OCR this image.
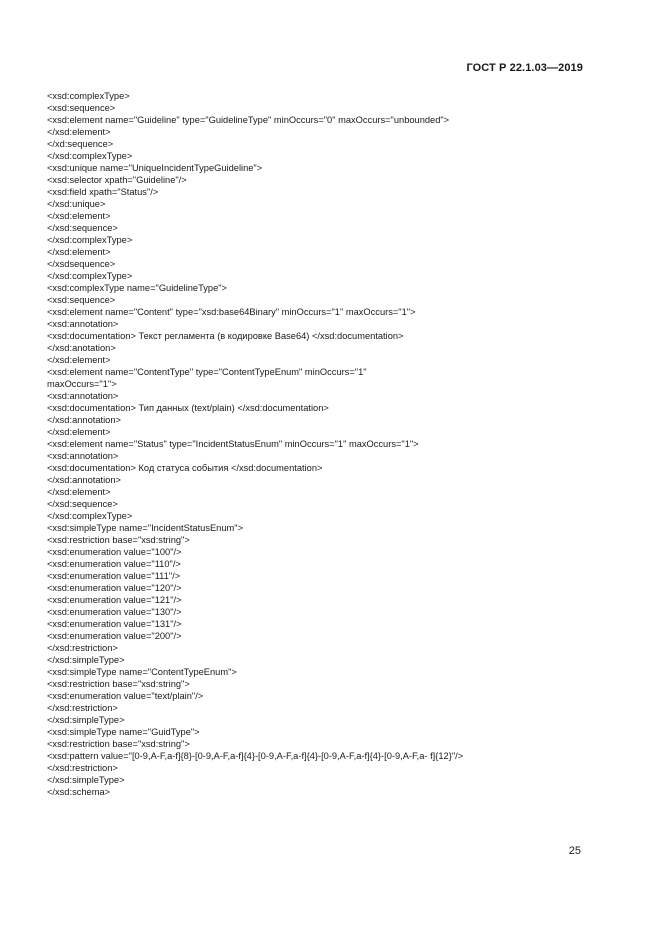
ГОСТ Р 22.1.03—2019
<xsd:complexType>
<xsd:sequence>
<xsd:element name="Guideline" type="GuidelineType" minOccurs="0" maxOccurs="unbounded">
</xsd:element>
</xd:sequence>
</xsd:complexType>
<xsd:unique name="UniqueIncidentTypeGuideline">
<xsd:selector xpath="Guideline"/>
<xsd:field xpath="Status"/>
</xsd:unique>
</xsd:element>
</xsd:sequence>
</xsd:complexType>
</xsd:element>
</xsdsequence>
</xsd:complexType>
<xsd:complexType name="GuidelineType">
<xsd:sequence>
<xsd:element name="Content" type="xsd:base64Binary" minOccurs="1" maxOccurs="1">
<xsd:annotation>
<xsd:documentation> Текст регламента (в кодировке Base64) </xsd:documentation>
</xsd:anotation>
</xsd:element>
<xsd:element name="ContentType" type="ContentTypeEnum" minOccurs="1"
maxOccurs="1">
<xsd:annotation>
<xsd:documentation> Тип данных (text/plain) </xsd:documentation>
</xsd:annotation>
</xsd:element>
<xsd:element name="Status" type="IncidentStatusEnum" minOccurs="1" maxOccurs="1">
<xsd:annotation>
<xsd:documentation> Код статуса события </xsd:documentation>
</xsd:annotation>
</xsd:element>
</xsd:sequence>
</xsd:complexType>
<xsd:simpleType name="IncidentStatusEnum">
<xsd:restriction base="xsd:string">
<xsd:enumeration value="100"/>
<xsd:enumeration value="110"/>
<xsd:enumeration value="111"/>
<xsd:enumeration value="120"/>
<xsd:enumeration value="121"/>
<xsd:enumeration value="130"/>
<xsd:enumeration value="131"/>
<xsd:enumeration value="200"/>
</xsd:restriction>
</xsd:simpleType>
<xsd:simpleType name="ContentTypeEnum">
<xsd:restriction base="xsd:string">
<xsd:enumeration value="text/plain"/>
</xsd:restriction>
</xsd:simpleType>
<xsd:simpleType name="GuidType">
<xsd:restriction base="xsd:string">
<xsd:pattern value="[0-9,A-F,a-f]{8}-[0-9,A-F,a-f]{4}-[0-9,A-F,a-f]{4}-[0-9,A-F,a-f]{4}-[0-9,A-F,a- f]{12}"/>
</xsd:restriction>
</xsd:simpleType>
</xsd:schema>
25
